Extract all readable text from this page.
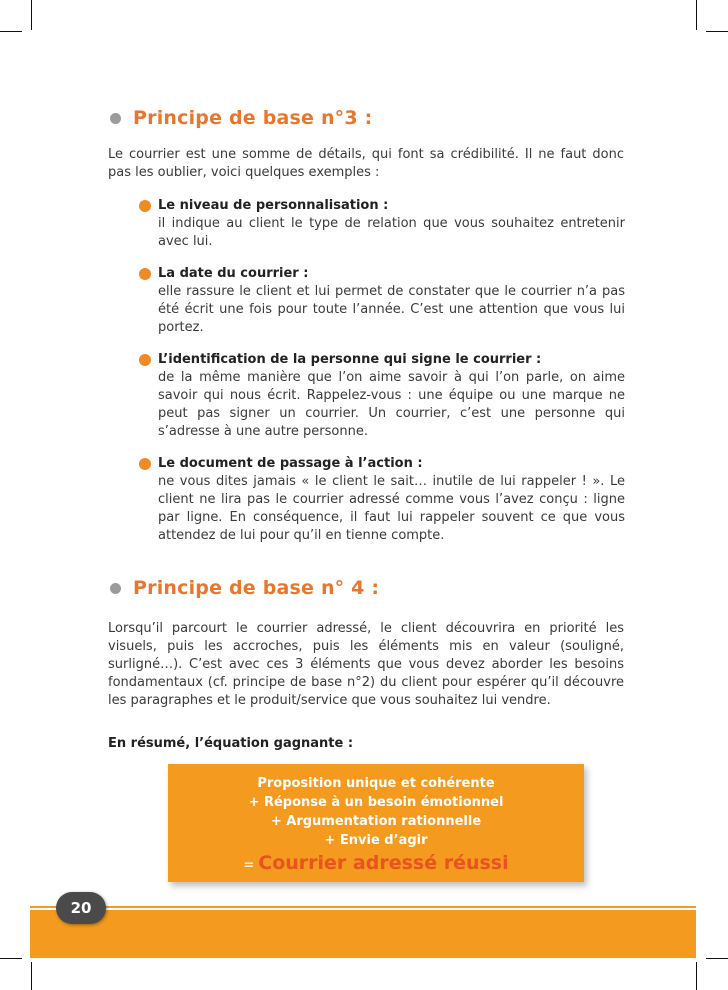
Principe de base n°3 :
Le courrier est une somme de détails, qui font sa crédibilité. Il ne faut donc pas les oublier, voici quelques exemples :
Le niveau de personnalisation :
il indique au client le type de relation que vous souhaitez entretenir avec lui.
La date du courrier :
elle rassure le client et lui permet de constater que le courrier n’a pas été écrit une fois pour toute l’année. C’est une attention que vous lui portez.
L’identification de la personne qui signe le courrier :
de la même manière que l’on aime savoir à qui l’on parle, on aime savoir qui nous écrit. Rappelez-vous : une équipe ou une marque ne peut pas signer un courrier. Un courrier, c’est une personne qui s’adresse à une autre personne.
Le document de passage à l’action :
ne vous dites jamais « le client le sait… inutile de lui rappeler ! ». Le client ne lira pas le courrier adressé comme vous l’avez conçu : ligne par ligne. En conséquence, il faut lui rappeler souvent ce que vous attendez de lui pour qu’il en tienne compte.
Principe de base n° 4 :
Lorsqu’il parcourt le courrier adressé, le client découvrira en priorité les visuels, puis les accroches, puis les éléments mis en valeur (souligné, surligné…). C’est avec ces 3 éléments que vous devez aborder les besoins fondamentaux (cf. principe de base n°2) du client pour espérer qu’il découvre les paragraphes et le produit/service que vous souhaitez lui vendre.
En résumé, l’équation gagnante :
Proposition unique et cohérente
+ Réponse à un besoin émotionnel
+ Argumentation rationnelle
+ Envie d’agir
= Courrier adressé réussi
20
